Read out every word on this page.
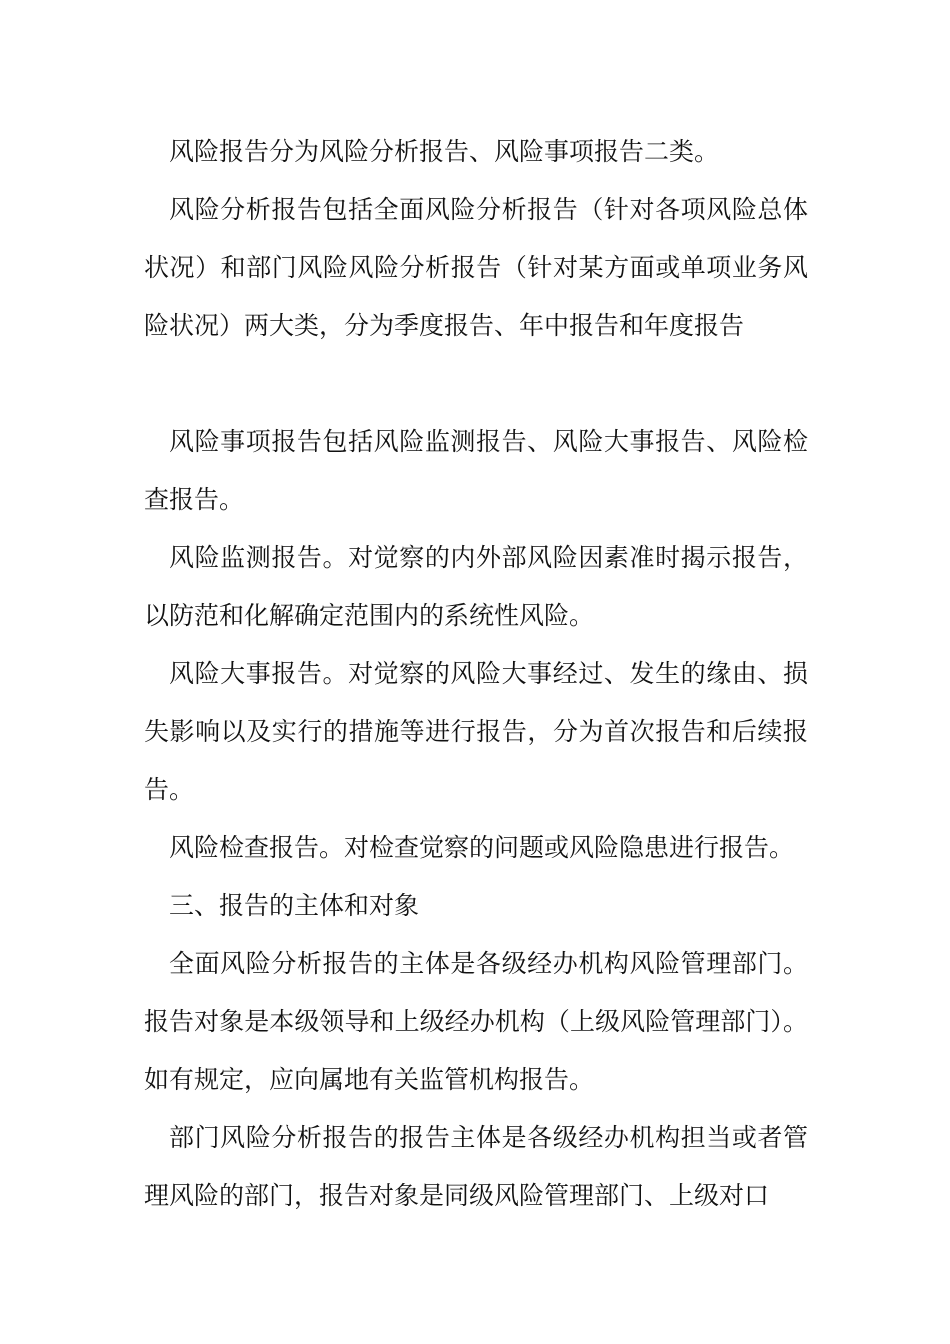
风险报告分为风险分析报告、风险事项报告二类。

风险分析报告包括全面风险分析报告（针对各项风险总体状况）和部门风险风险分析报告（针对某方面或单项业务风险状况）两大类，分为季度报告、年中报告和年度报告

风险事项报告包括风险监测报告、风险大事报告、风险检查报告。

风险监测报告。对觉察的内外部风险因素准时揭示报告，以防范和化解确定范围内的系统性风险。

风险大事报告。对觉察的风险大事经过、发生的缘由、损失影响以及实行的措施等进行报告，分为首次报告和后续报告。

风险检查报告。对检查觉察的问题或风险隐患进行报告。

三、报告的主体和对象

全面风险分析报告的主体是各级经办机构风险管理部门。报告对象是本级领导和上级经办机构（上级风险管理部门）。如有规定，应向属地有关监管机构报告。

部门风险分析报告的报告主体是各级经办机构担当或者管理风险的部门，报告对象是同级风险管理部门、上级对口
